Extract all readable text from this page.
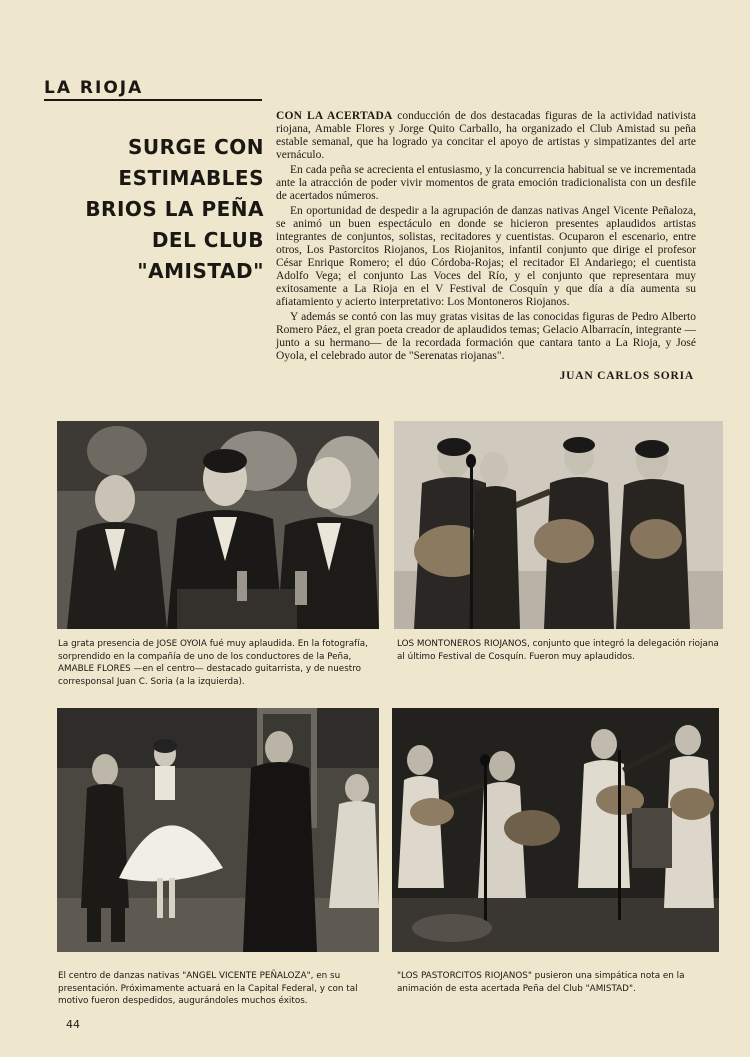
LA RIOJA
SURGE CON
ESTIMABLES
BRIOS LA PEÑA
DEL CLUB
"AMISTAD"

CON LA ACERTADA conducción de dos destacadas figuras de la actividad nativista riojana, Amable Flores y Jorge Quito Carballo, ha organizado el Club Amistad su peña estable semanal, que ha logrado ya concitar el apoyo de artistas y simpatizantes del arte vernáculo.

En cada peña se acrecienta el entusiasmo, y la concurrencia habitual se ve incrementada ante la atracción de poder vivir momentos de grata emoción tradicionalista con un desfile de acertados números.

En oportunidad de despedir a la agrupación de danzas nativas Angel Vicente Peñaloza, se animó un buen espectáculo en donde se hicieron presentes aplaudidos artistas integrantes de conjuntos, solistas, recitadores y cuentistas. Ocuparon el escenario, entre otros, Los Pastorcitos Riojanos, Los Riojanitos, infantil conjunto que dirige el profesor César Enrique Romero; el dúo Córdoba-Rojas; el recitador El Andariego; el cuentista Adolfo Vega; el conjunto Las Voces del Río, y el conjunto que representara muy exitosamente a La Rioja en el V Festival de Cosquín y que día a día aumenta su afiatamiento y acierto interpretativo: Los Montoneros Riojanos.

Y además se contó con las muy gratas visitas de las conocidas figuras de Pedro Alberto Romero Páez, el gran poeta creador de aplaudidos temas; Gelacio Albarracín, integrante —junto a su hermano— de la recordada formación que cantara tanto a La Rioja, y José Oyola, el celebrado autor de "Serenatas riojanas".

JUAN CARLOS SORIA
La grata presencia de JOSE OYOIA fué muy aplaudida. En la fotografía, sorprendido en la compañía de uno de los conductores de la Peña, AMABLE FLORES —en el centro— destacado guitarrista, y de nuestro corresponsal Juan C. Soria (a la izquierda).
LOS MONTONEROS RIOJANOS, conjunto que integró la delegación riojana al último Festival de Cosquín. Fueron muy aplaudidos.
El centro de danzas nativas "ANGEL VICENTE PEÑALOZA", en su presentación. Próximamente actuará en la Capital Federal, y con tal motivo fueron despedidos, augurándoles muchos éxitos.
"LOS PASTORCITOS RIOJANOS" pusieron una simpática nota en la animación de esta acertada Peña del Club "AMISTAD".
44
